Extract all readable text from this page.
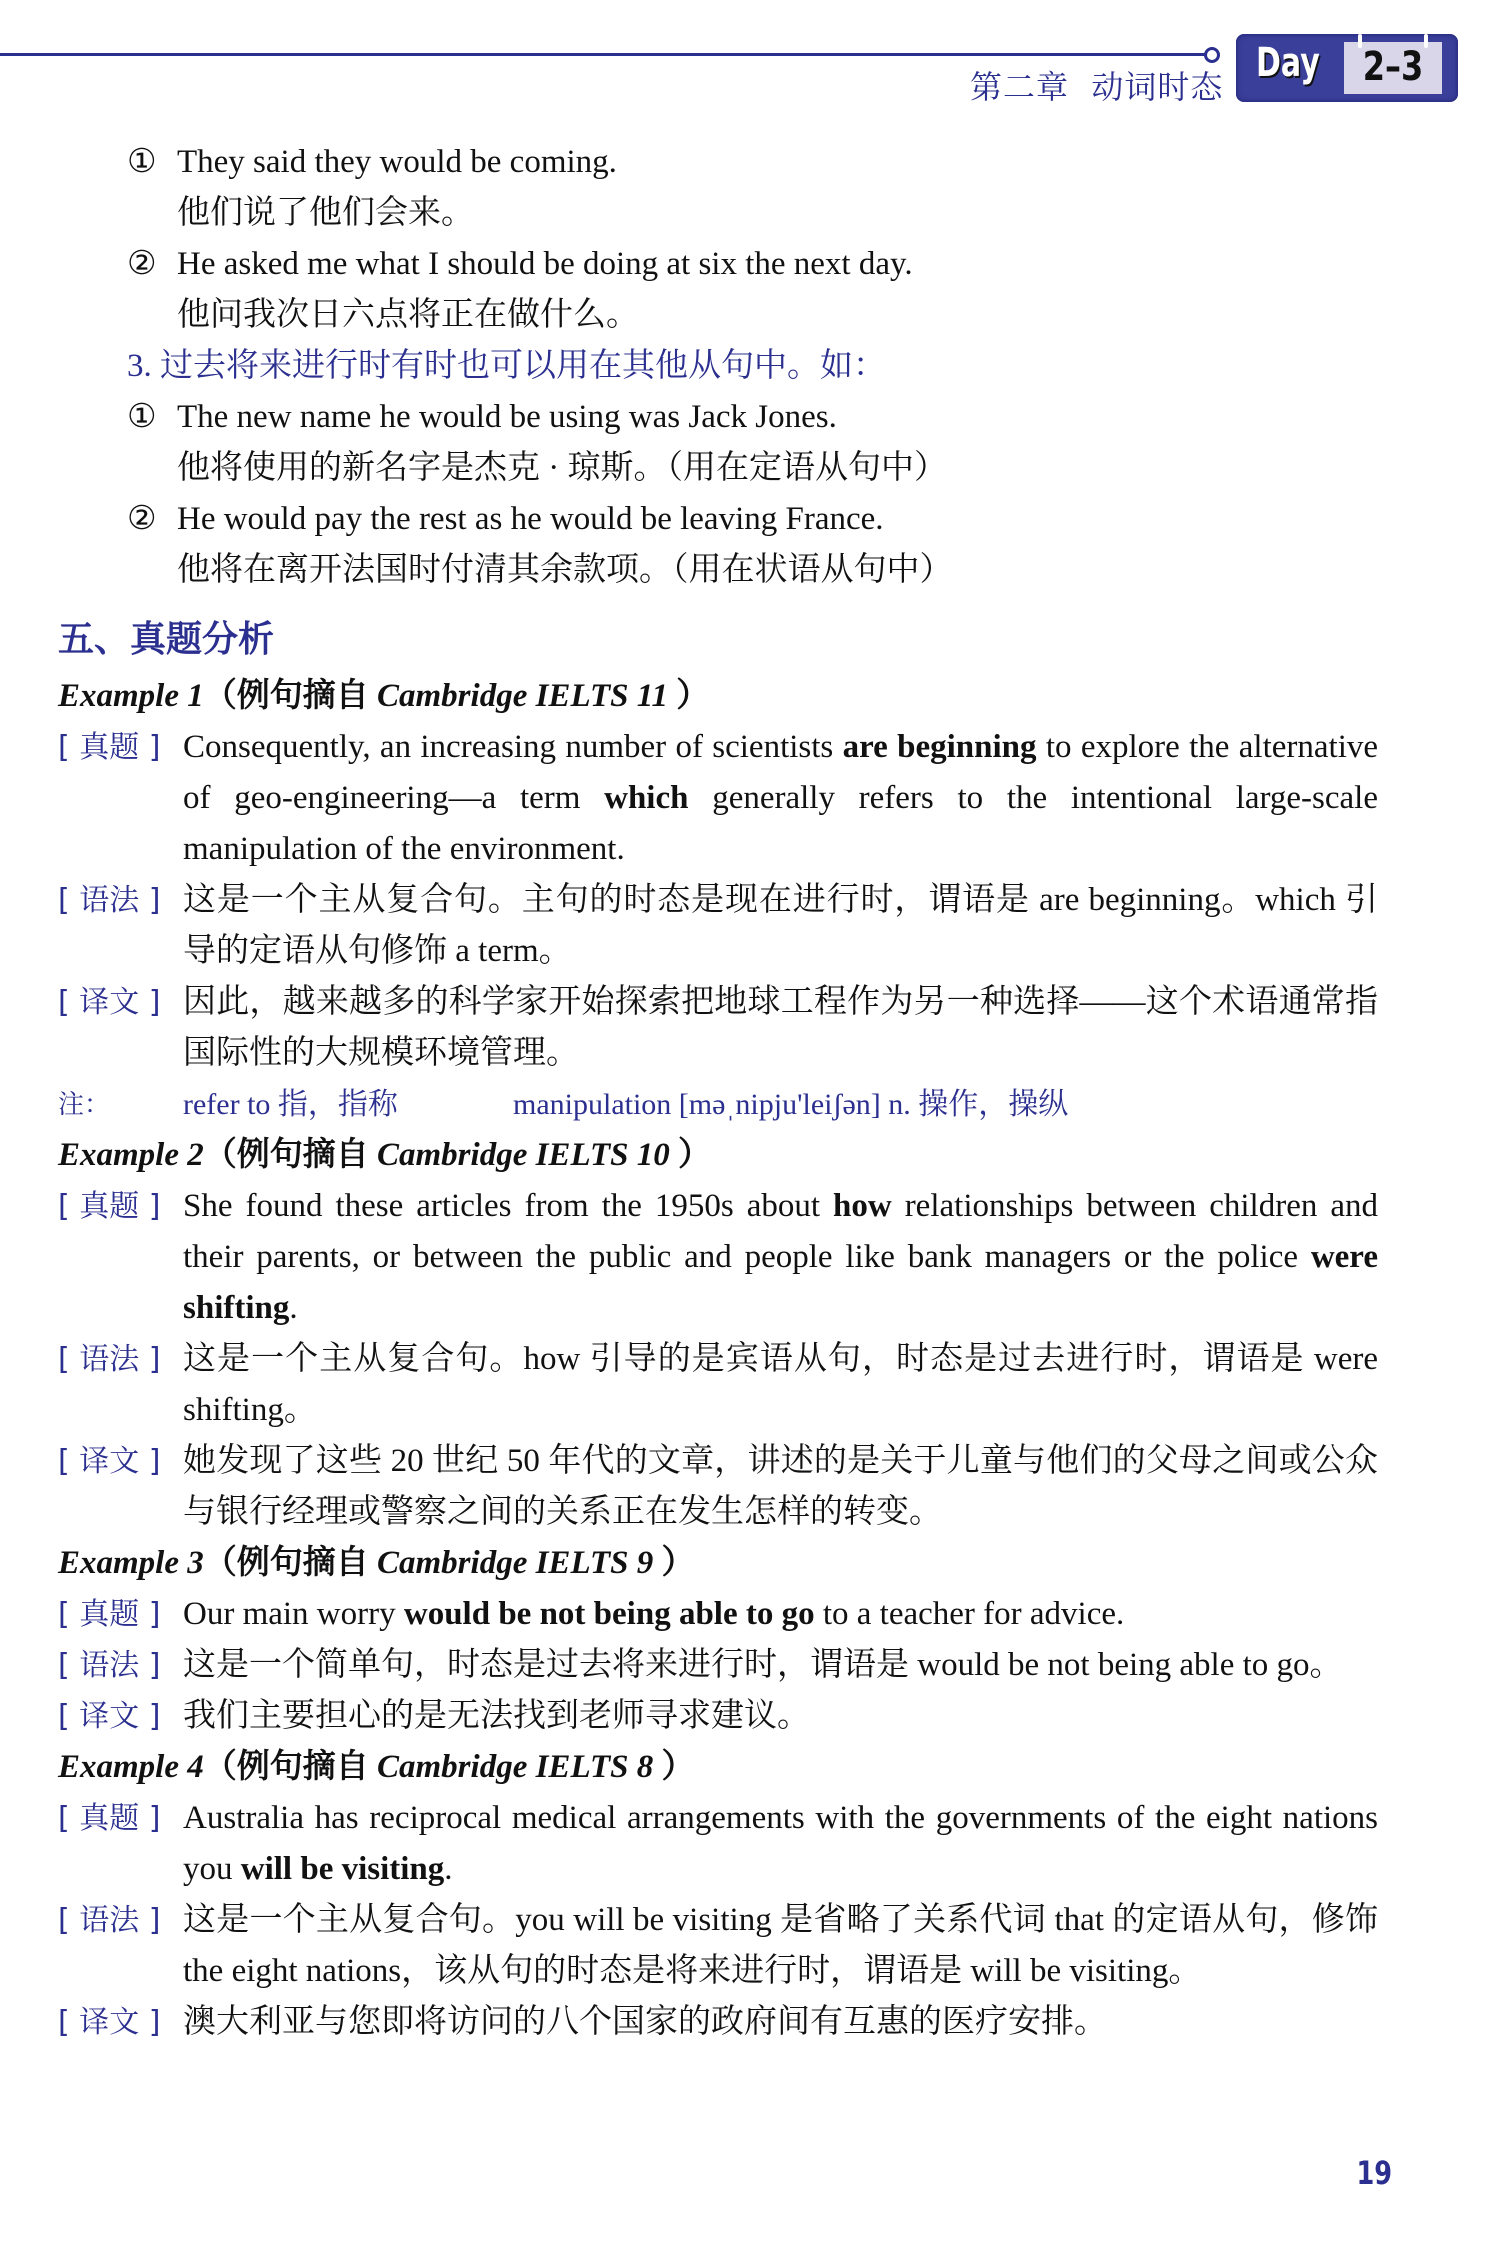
第二章  动词时态
Day 2–3
① They said they would be coming.
他们说了他们会来。
② He asked me what I should be doing at six the next day.
他问我次日六点将正在做什么。
3. 过去将来进行时有时也可以用在其他从句中。如：
① The new name he would be using was Jack Jones.
他将使用的新名字是杰克 · 琼斯。（用在定语从句中）
② He would pay the rest as he would be leaving France.
他将在离开法国时付清其余款项。（用在状语从句中）
五、真题分析
Example 1（例句摘自 Cambridge IELTS 11 ）
[ 真题 ] Consequently, an increasing number of scientists are beginning to explore the alternative of geo-engineering—a term which generally refers to the intentional large-scale manipulation of the environment.
[ 语法 ] 这是一个主从复合句。主句的时态是现在进行时，谓语是 are beginning。which 引导的定语从句修饰 a term。
[ 译文 ] 因此，越来越多的科学家开始探索把地球工程作为另一种选择——这个术语通常指国际性的大规模环境管理。
注：	refer to 指，指称	manipulation [məˌnipju'leiʃən] n. 操作，操纵
Example 2（例句摘自 Cambridge IELTS 10 ）
[ 真题 ] She found these articles from the 1950s about how relationships between children and their parents, or between the public and people like bank managers or the police were shifting.
[ 语法 ] 这是一个主从复合句。how 引导的是宾语从句，时态是过去进行时，谓语是 were shifting。
[ 译文 ] 她发现了这些 20 世纪 50 年代的文章，讲述的是关于儿童与他们的父母之间或公众与银行经理或警察之间的关系正在发生怎样的转变。
Example 3（例句摘自 Cambridge IELTS 9 ）
[ 真题 ] Our main worry would be not being able to go to a teacher for advice.
[ 语法 ] 这是一个简单句，时态是过去将来进行时，谓语是 would be not being able to go。
[ 译文 ] 我们主要担心的是无法找到老师寻求建议。
Example 4（例句摘自 Cambridge IELTS 8 ）
[ 真题 ] Australia has reciprocal medical arrangements with the governments of the eight nations you will be visiting.
[ 语法 ] 这是一个主从复合句。you will be visiting 是省略了关系代词 that 的定语从句，修饰 the eight nations，该从句的时态是将来进行时，谓语是 will be visiting。
[ 译文 ] 澳大利亚与您即将访问的八个国家的政府间有互惠的医疗安排。
19
